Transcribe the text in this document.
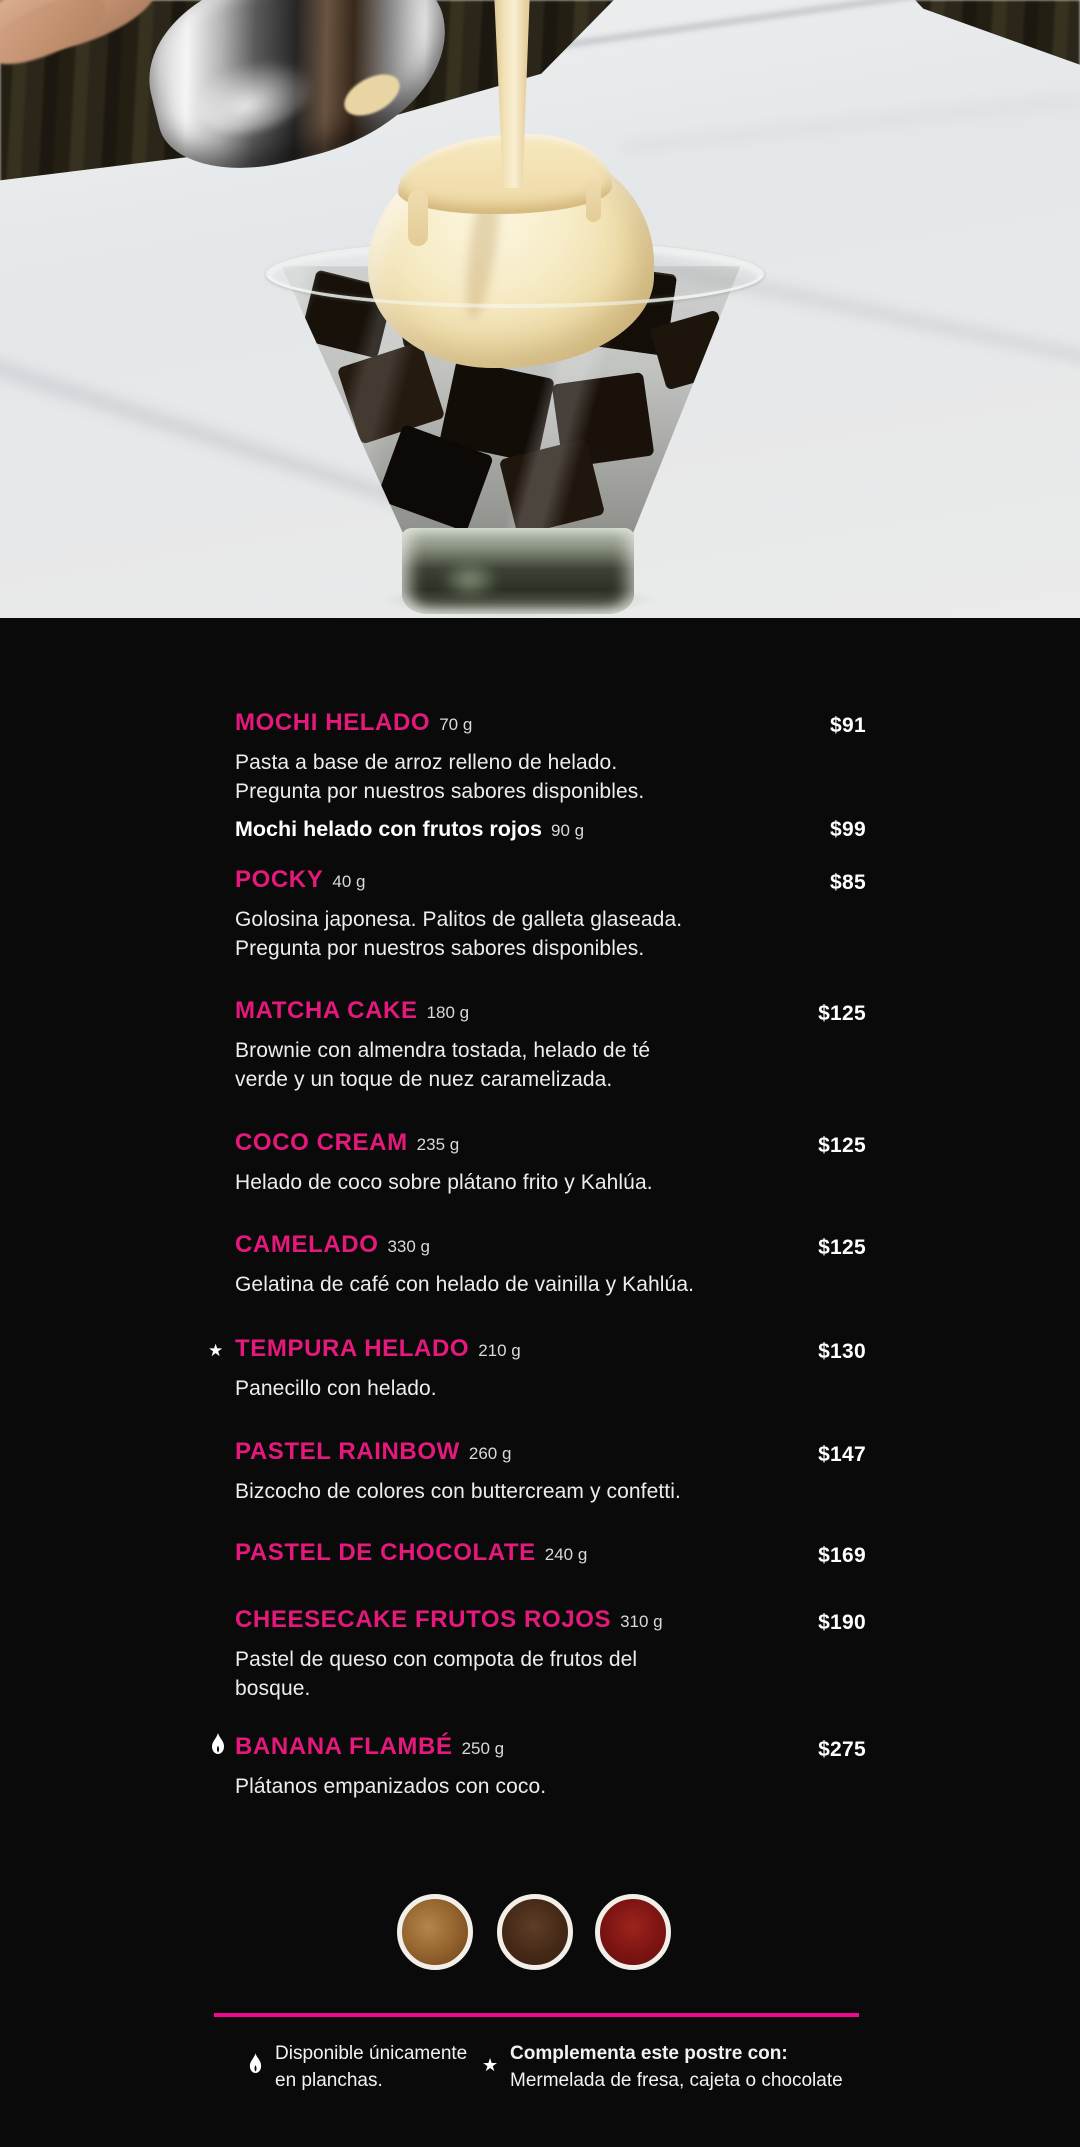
MOCHI HELADO 70 g	$91
Pasta a base de arroz relleno de helado.
Pregunta por nuestros sabores disponibles.
Mochi helado con frutos rojos 90 g	$99
POCKY 40 g	$85
Golosina japonesa. Palitos de galleta glaseada.
Pregunta por nuestros sabores disponibles.
MATCHA CAKE 180 g	$125
Brownie con almendra tostada, helado de té
verde y un toque de nuez caramelizada.
COCO CREAM 235 g	$125
Helado de coco sobre plátano frito y Kahlúa.
CAMELADO 330 g	$125
Gelatina de café con helado de vainilla y Kahlúa.
★ TEMPURA HELADO 210 g	$130
Panecillo con helado.
PASTEL RAINBOW 260 g	$147
Bizcocho de colores con buttercream y confetti.
PASTEL DE CHOCOLATE 240 g	$169
CHEESECAKE FRUTOS ROJOS 310 g	$190
Pastel de queso con compota de frutos del
bosque.
BANANA FLAMBÉ 250 g	$275
Plátanos empanizados con coco.
Disponible únicamente
en planchas.
★
Complementa este postre con:
Mermelada de fresa, cajeta o chocolate
